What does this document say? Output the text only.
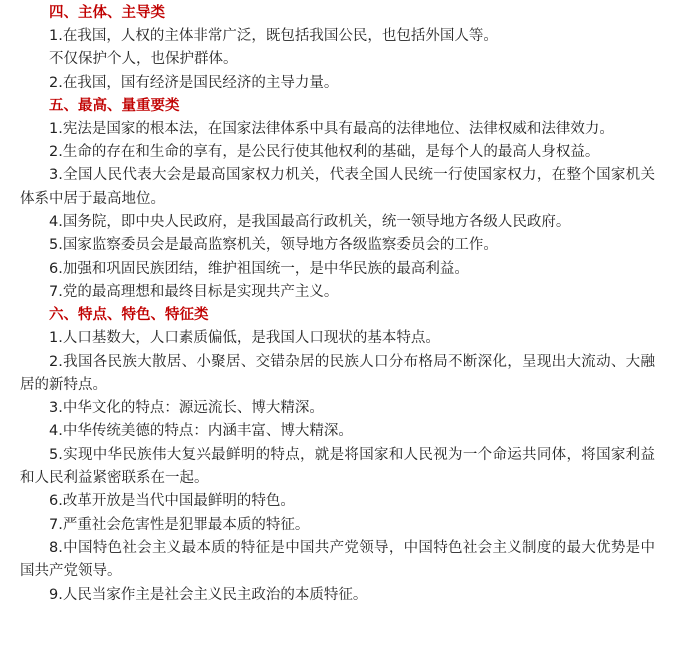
四、主体、主导类

1.在我国，人权的主体非常广泛，既包括我国公民，也包括外国人等。

不仅保护个人，也保护群体。

2.在我国，国有经济是国民经济的主导力量。

五、最高、量重要类

1.宪法是国家的根本法，在国家法律体系中具有最高的法律地位、法律权威和法律效力。

2.生命的存在和生命的享有，是公民行使其他权利的基础，是每个人的最高人身权益。

3.全国人民代表大会是最高国家权力机关，代表全国人民统一行使国家权力，在整个国家机关体系中居于最高地位。

4.国务院，即中央人民政府，是我国最高行政机关，统一领导地方各级人民政府。

5.国家监察委员会是最高监察机关，领导地方各级监察委员会的工作。

6.加强和巩固民族团结，维护祖国统一，是中华民族的最高利益。

7.党的最高理想和最终目标是实现共产主义。

六、特点、特色、特征类

1.人口基数大，人口素质偏低，是我国人口现状的基本特点。

2.我国各民族大散居、小聚居、交错杂居的民族人口分布格局不断深化，呈现出大流动、大融居的新特点。

3.中华文化的特点：源远流长、博大精深。

4.中华传统美德的特点：内涵丰富、博大精深。

5.实现中华民族伟大复兴最鲜明的特点，就是将国家和人民视为一个命运共同体，将国家利益和人民利益紧密联系在一起。

6.改革开放是当代中国最鲜明的特色。

7.严重社会危害性是犯罪最本质的特征。

8.中国特色社会主义最本质的特征是中国共产党领导，中国特色社会主义制度的最大优势是中国共产党领导。

9.人民当家作主是社会主义民主政治的本质特征。
